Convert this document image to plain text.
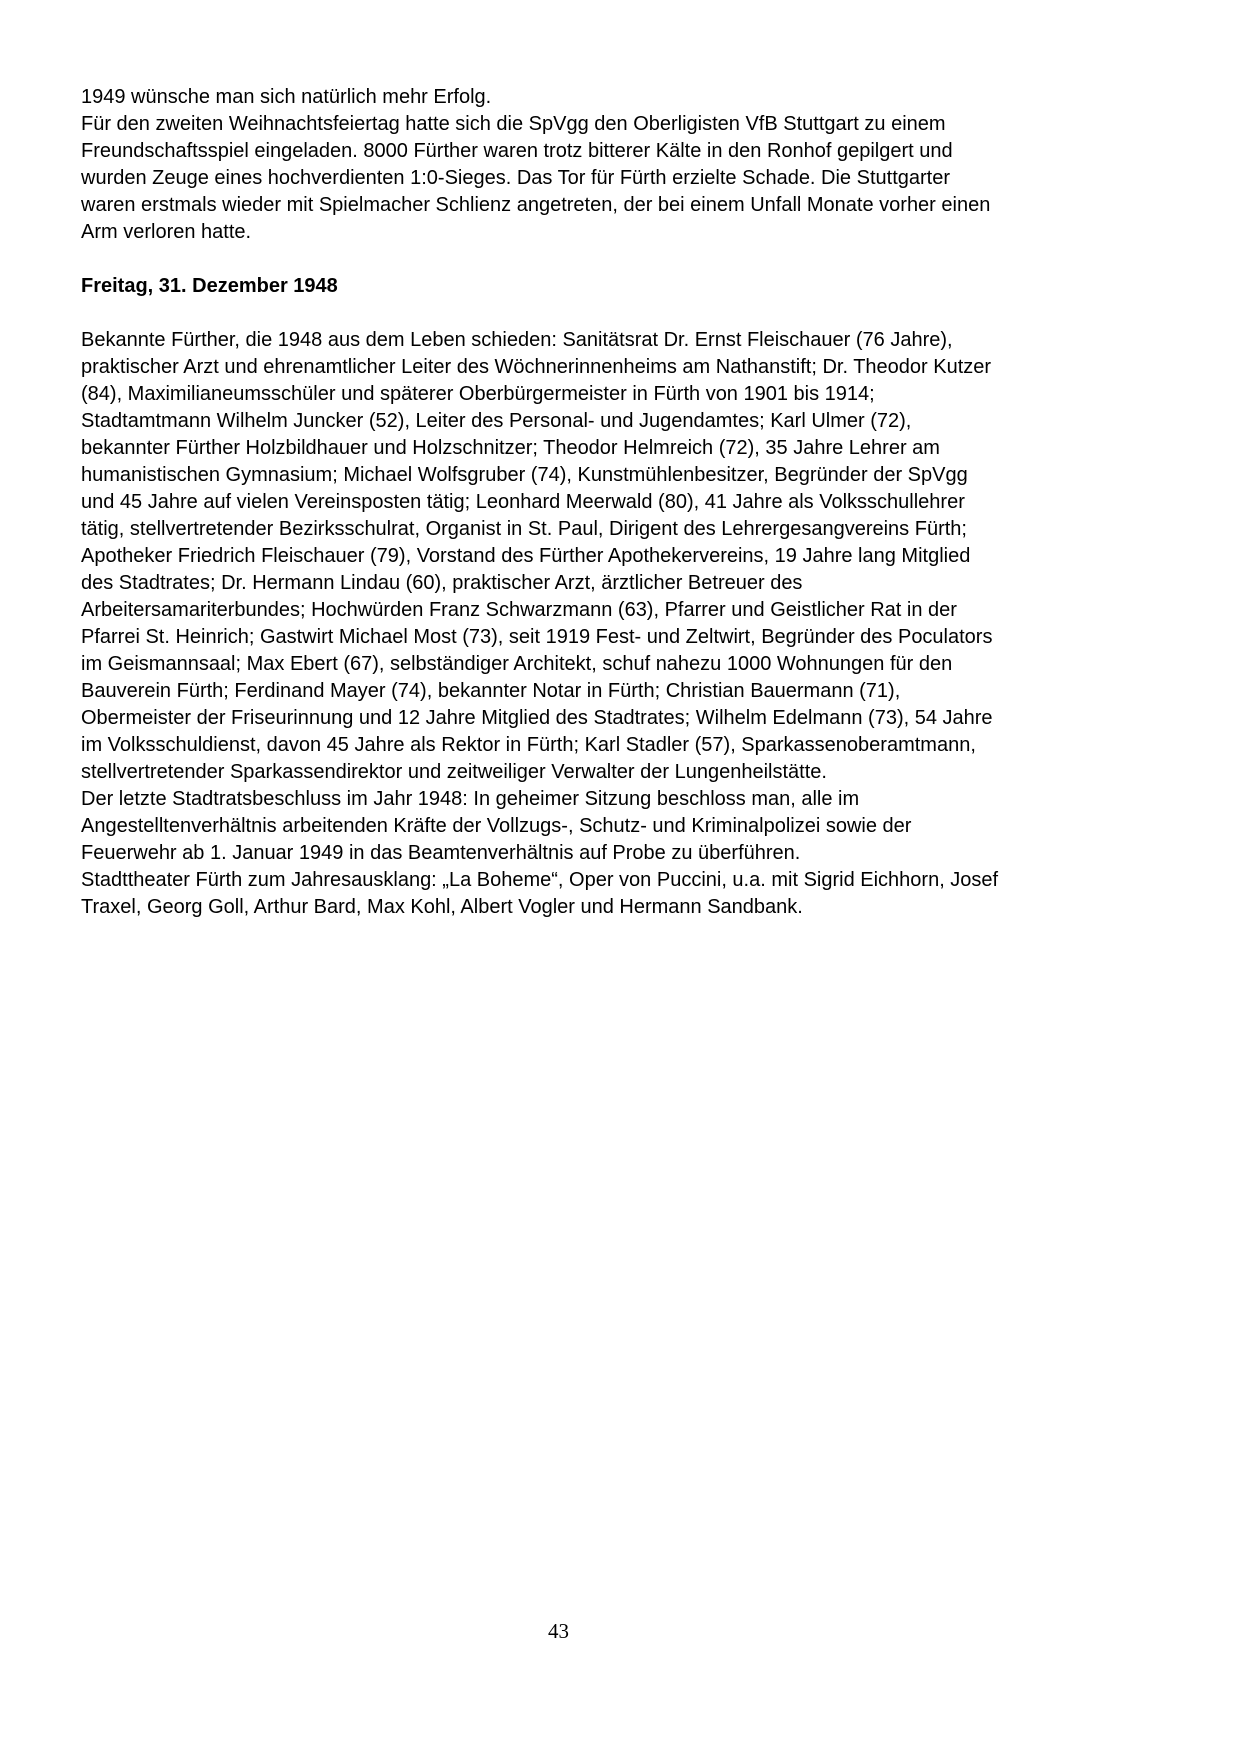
1949 wünsche man sich natürlich mehr Erfolg.
Für den zweiten Weihnachtsfeiertag hatte sich die SpVgg den Oberligisten VfB Stuttgart zu einem
Freundschaftsspiel eingeladen. 8000 Fürther waren trotz bitterer Kälte in den Ronhof gepilgert und
wurden Zeuge eines hochverdienten 1:0-Sieges. Das Tor für Fürth erzielte Schade. Die Stuttgarter
waren erstmals wieder mit Spielmacher Schlienz angetreten, der bei einem Unfall Monate vorher einen
Arm verloren hatte.
Freitag, 31. Dezember 1948
Bekannte Fürther, die 1948 aus dem Leben schieden: Sanitätsrat Dr. Ernst Fleischauer (76 Jahre),
praktischer Arzt und ehrenamtlicher Leiter des Wöchnerinnenheims am Nathanstift; Dr. Theodor Kutzer
(84), Maximilianeumsschüler und späterer Oberbürgermeister in Fürth von 1901 bis 1914;
Stadtamtmann Wilhelm Juncker (52), Leiter des Personal- und Jugendamtes; Karl Ulmer (72),
bekannter Fürther Holzbildhauer und Holzschnitzer; Theodor Helmreich (72), 35 Jahre Lehrer am
humanistischen Gymnasium; Michael Wolfsgruber (74), Kunstmühlenbesitzer, Begründer der SpVgg
und 45 Jahre auf vielen Vereinsposten tätig; Leonhard Meerwald (80), 41 Jahre als Volksschullehrer
tätig, stellvertretender Bezirksschulrat, Organist in St. Paul, Dirigent des Lehrergesangvereins Fürth;
Apotheker Friedrich Fleischauer (79), Vorstand des Fürther Apothekervereins, 19 Jahre lang Mitglied
des Stadtrates; Dr. Hermann Lindau (60), praktischer Arzt, ärztlicher Betreuer des
Arbeitersamariterbundes; Hochwürden Franz Schwarzmann (63), Pfarrer und Geistlicher Rat in der
Pfarrei St. Heinrich; Gastwirt Michael Most (73), seit 1919 Fest- und Zeltwirt, Begründer des Poculators
im Geismannsaal; Max Ebert (67), selbständiger Architekt, schuf nahezu 1000 Wohnungen für den
Bauverein Fürth; Ferdinand Mayer (74), bekannter Notar in Fürth; Christian Bauermann (71),
Obermeister der Friseurinnung und 12 Jahre Mitglied des Stadtrates; Wilhelm Edelmann (73), 54 Jahre
im Volksschuldienst, davon 45 Jahre als Rektor in Fürth; Karl Stadler (57), Sparkassenoberamtmann,
stellvertretender Sparkassendirektor und zeitweiliger Verwalter der Lungenheilstätte.
Der letzte Stadtratsbeschluss im Jahr 1948: In geheimer Sitzung beschloss man, alle im
Angestelltenverhältnis arbeitenden Kräfte der Vollzugs-, Schutz- und Kriminalpolizei sowie der
Feuerwehr ab 1. Januar 1949 in das Beamtenverhältnis auf Probe zu überführen.
Stadttheater Fürth zum Jahresausklang: „La Boheme“, Oper von Puccini, u.a. mit Sigrid Eichhorn, Josef
Traxel, Georg Goll, Arthur Bard, Max Kohl, Albert Vogler und Hermann Sandbank.
43
